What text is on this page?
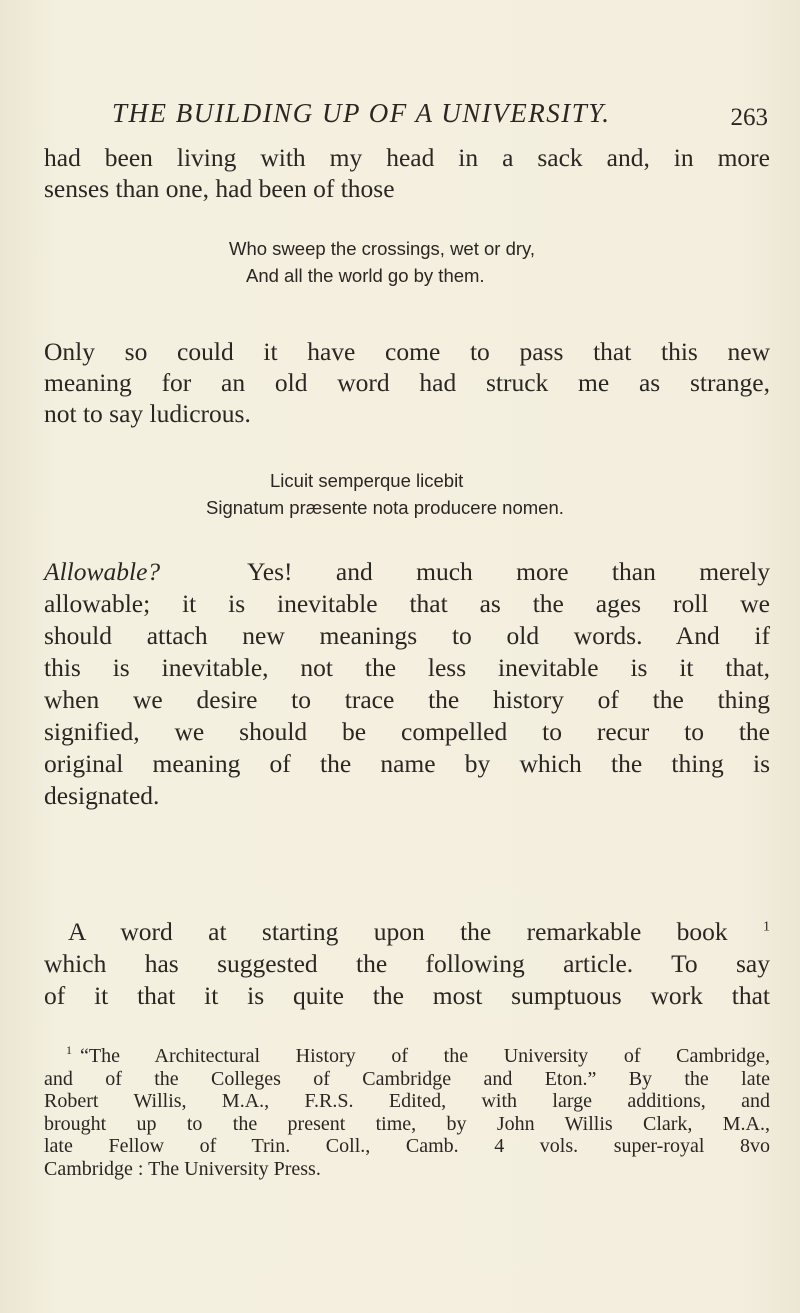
THE BUILDING UP OF A UNIVERSITY.	263

had been living with my head in a sack and, in more

senses than one, had been of those

Who sweep the crossings, wet or dry,
And all the world go by them.

Only so could it have come to pass that this new

meaning for an old word had struck me as strange,

not to say ludicrous.

Licuit semperque licebit
Signatum præsente nota producere nomen.

Allowable?	Yes! and much more than merely

allowable; it is inevitable that as the ages roll we

should attach new meanings to old words. And if

this is inevitable, not the less inevitable is it that,

when we desire to trace the history of the thing

signified, we should be compelled to recur to the

original meaning of the name by which the thing is

designated.

A word at starting upon the remarkable book	$^1$

which has suggested the following article. To say

of it that it is quite the most sumptuous work that

$^1$ “The Architectural History of the University of Cambridge,

and of the Colleges of Cambridge and Eton.” By the late

Robert Willis, M.A., F.R.S. Edited, with large additions, and

brought up to the present time, by John Willis Clark, M.A.,

late Fellow of Trin. Coll., Camb. 4 vols. super-royal 8vo

Cambridge : The University Press.
